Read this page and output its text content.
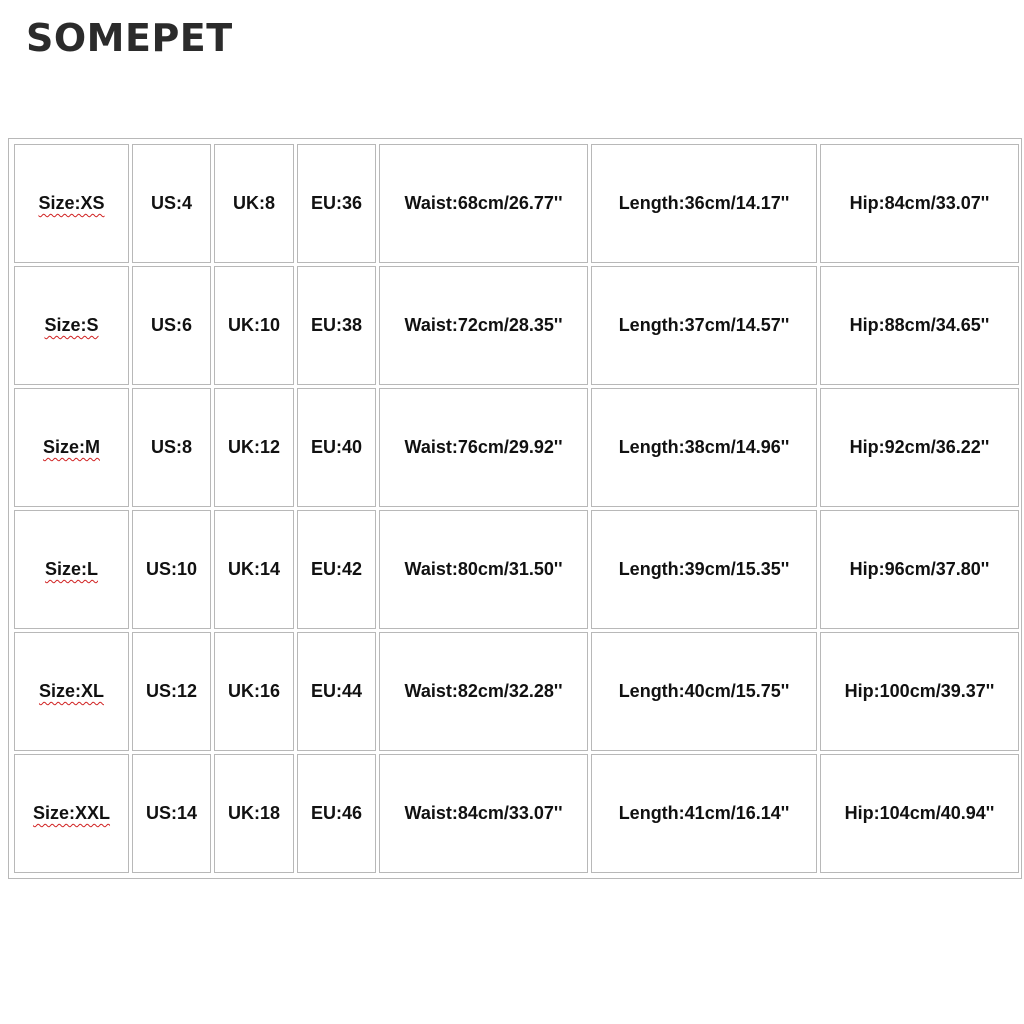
SOMEPET
Size:XS	US:4	UK:8	EU:36	Waist:68cm/26.77''	Length:36cm/14.17''	Hip:84cm/33.07''
Size:S	US:6	UK:10	EU:38	Waist:72cm/28.35''	Length:37cm/14.57''	Hip:88cm/34.65''
Size:M	US:8	UK:12	EU:40	Waist:76cm/29.92''	Length:38cm/14.96''	Hip:92cm/36.22''
Size:L	US:10	UK:14	EU:42	Waist:80cm/31.50''	Length:39cm/15.35''	Hip:96cm/37.80''
Size:XL	US:12	UK:16	EU:44	Waist:82cm/32.28''	Length:40cm/15.75''	Hip:100cm/39.37''
Size:XXL	US:14	UK:18	EU:46	Waist:84cm/33.07''	Length:41cm/16.14''	Hip:104cm/40.94''
